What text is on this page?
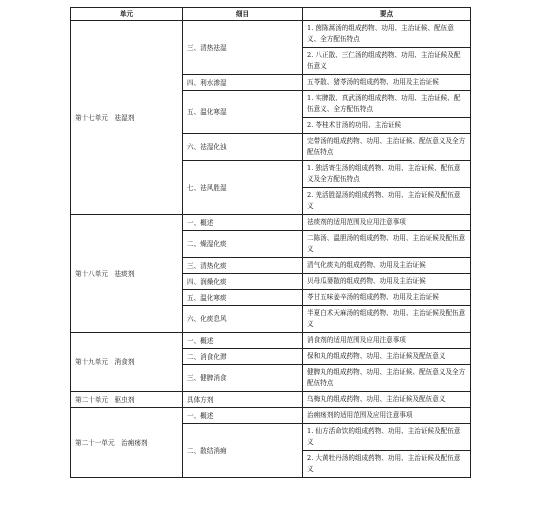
单元	细目	要点
第十七单元　祛湿剂	三、清热祛湿	1. 茵陈蒿汤的组成药物、功用、主治证候、配伍意义、全方配伍特点
		2. 八正散、三仁汤的组成药物、功用、主治证候及配伍意义
	四、利水渗湿	五苓散、猪苓汤的组成药物、功用及主治证候
	五、温化寒湿	1. 实脾散、真武汤的组成药物、功用、主治证候、配伍意义、全方配伍特点
		2. 苓桂术甘汤的功用、主治证候
	六、祛湿化浊	完带汤的组成药物、功用、主治证候、配伍意义及全方配伍特点
	七、祛风胜湿	1. 独活寄生汤的组成药物、功用、主治证候、配伍意义及全方配伍特点
		2. 羌活胜湿汤的组成药物、功用、主治证候及配伍意义
第十八单元　祛痰剂	一、概述	祛痰剂的适用范围及应用注意事项
	二、燥湿化痰	二陈汤、温胆汤的组成药物、功用、主治证候及配伍意义
	三、清热化痰	清气化痰丸的组成药物、功用及主治证候
	四、润燥化痰	贝母瓜蒌散的组成药物、功用及主治证候
	五、温化寒痰	苓甘五味姜辛汤的组成药物、功用及主治证候
	六、化痰息风	半夏白术天麻汤的组成药物、功用、主治证候及配伍意义
第十九单元　消食剂	一、概述	消食剂的适用范围及应用注意事项
	二、消食化滞	保和丸的组成药物、功用、主治证候及配伍意义
	三、健脾消食	健脾丸的组成药物、功用、主治证候、配伍意义及全方配伍特点
第二十单元　驱虫剂	具体方剂	乌梅丸的组成药物、功用、主治证候及配伍意义
第二十一单元　治痈疡剂	一、概述	治痈疡剂的适用范围及应用注意事项
	二、散结消痈	1. 仙方活命饮的组成药物、功用、主治证候及配伍意义
		2. 大黄牡丹汤的组成药物、功用、主治证候及配伍意义
